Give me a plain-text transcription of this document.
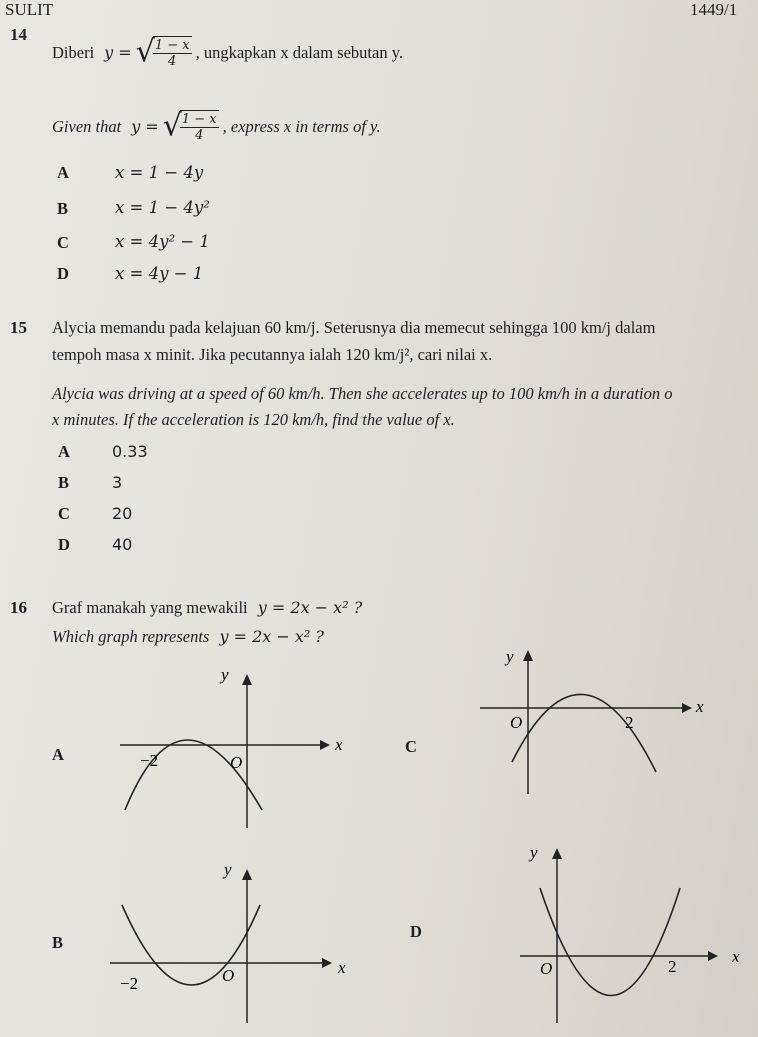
SULIT	1449/1
14
Diberi y = √
$\frac{1 - x}{4}$ , ungkapkan x dalam sebutan y.
Given that y = √
$\frac{1 - x}{4}$ , express x in terms of y.
A	x = 1 − 4y
B	x = 1 − 4y²
C	x = 4y² − 1
D	x = 4y − 1
15 Alycia memandu pada kelajuan 60 km/j. Seterusnya dia memecut sehingga 100 km/j dalam
tempoh masa x minit. Jika pecutannya ialah 120 km/j², cari nilai x.
Alycia was driving at a speed of 60 km/h. Then she accelerates up to 100 km/h in a duration o
x minutes. If the acceleration is 120 km/h, find the value of x.
A	0.33
B	3
C	20
D	40
16 Graf manakah yang mewakili y = 2x − x² ?
Which graph represents y = 2x − x² ?
A	C
B
D
x
y
O
−2
x
y
O	2
x
y
O
−2
x
y
O	2
